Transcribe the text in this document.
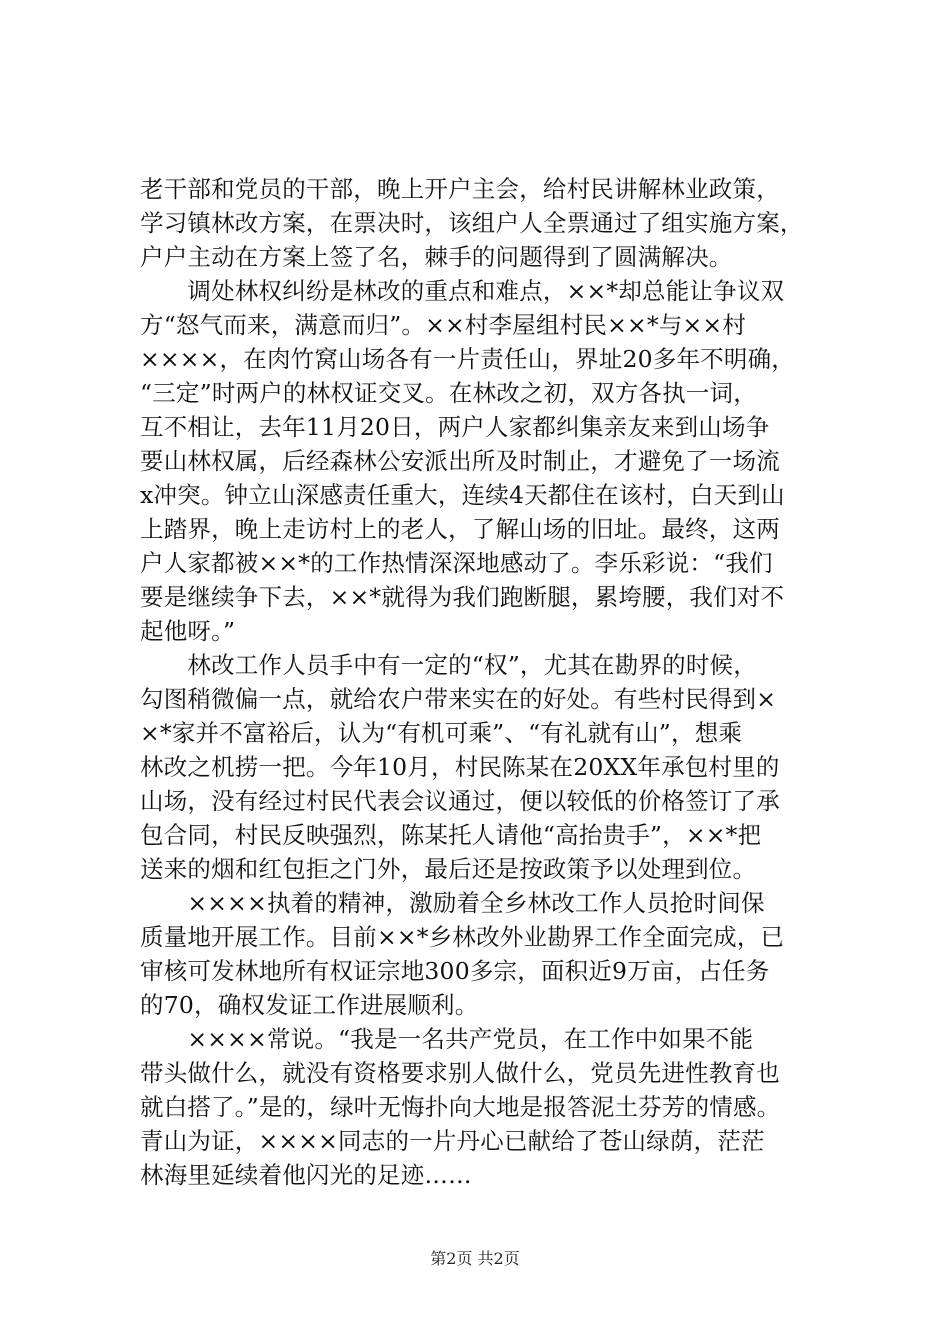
老干部和党员的干部，晚上开户主会，给村民讲解林业政策，
学习镇林改方案，在票决时，该组户人全票通过了组实施方案，
户户主动在方案上签了名，棘手的问题得到了圆满解决。
　　调处林权纠纷是林改的重点和难点，××*却总能让争议双
方“怒气而来，满意而归”。××村李屋组村民××*与××村
××××，在肉竹窝山场各有一片责任山，界址20多年不明确，
“三定”时两户的林权证交叉。在林改之初，双方各执一词，
互不相让，去年11月20日，两户人家都纠集亲友来到山场争
要山林权属，后经森林公安派出所及时制止，才避免了一场流
x冲突。钟立山深感责任重大，连续4天都住在该村，白天到山
上踏界，晚上走访村上的老人，了解山场的旧址。最终，这两
户人家都被××*的工作热情深深地感动了。李乐彩说：“我们
要是继续争下去，××*就得为我们跑断腿，累垮腰，我们对不
起他呀。”
　　林改工作人员手中有一定的“权”，尤其在勘界的时候，
勾图稍微偏一点，就给农户带来实在的好处。有些村民得到×
×*家并不富裕后，认为“有机可乘”、“有礼就有山”，想乘
林改之机捞一把。今年10月，村民陈某在20XX年承包村里的
山场，没有经过村民代表会议通过，便以较低的价格签订了承
包合同，村民反映强烈，陈某托人请他“高抬贵手”，××*把
送来的烟和红包拒之门外，最后还是按政策予以处理到位。
　　××××执着的精神，激励着全乡林改工作人员抢时间保
质量地开展工作。目前××*乡林改外业勘界工作全面完成，已
审核可发林地所有权证宗地300多宗，面积近9万亩，占任务
的70，确权发证工作进展顺利。
　　××××常说。“我是一名共产党员，在工作中如果不能
带头做什么，就没有资格要求别人做什么，党员先进性教育也
就白搭了。”是的，绿叶无悔扑向大地是报答泥土芬芳的情感。
青山为证，××××同志的一片丹心已献给了苍山绿荫，茫茫
林海里延续着他闪光的足迹……
第2页 共2页
